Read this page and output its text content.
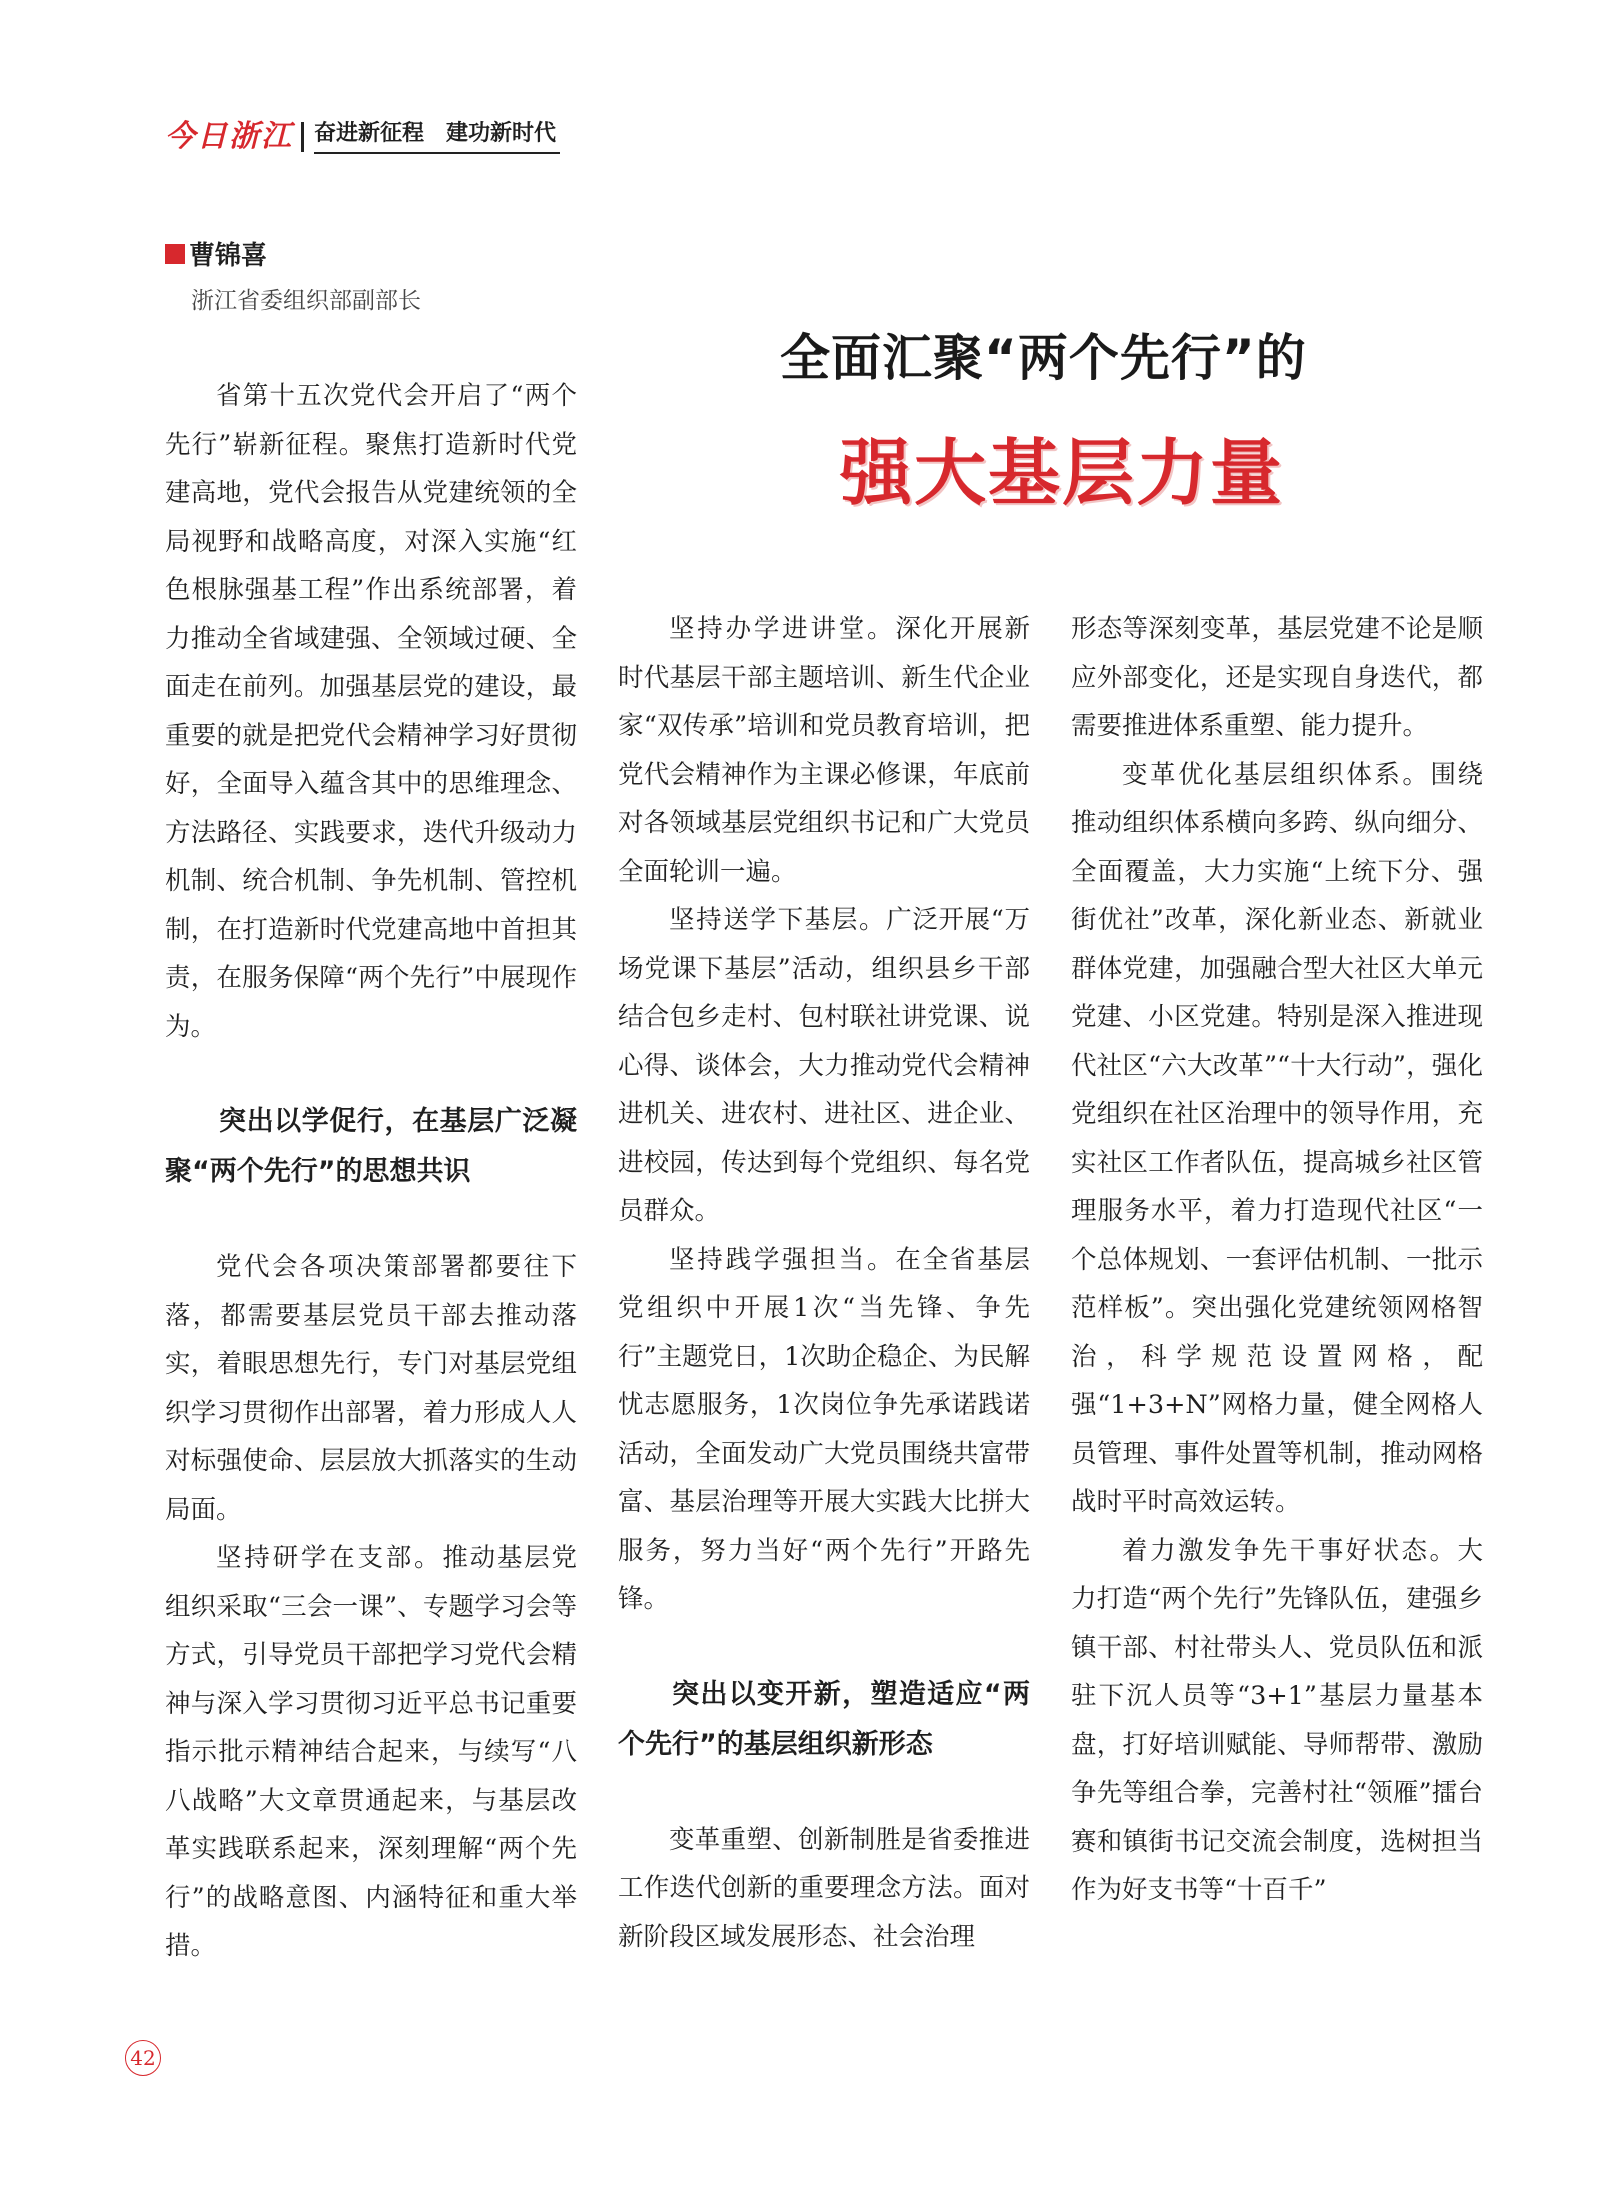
今日浙江 奋进新征程 建功新时代
曹锦喜
浙江省委组织部副部长
全面汇聚“两个先行”的
强大基层力量

省第十五次党代会开启了“两个先行”崭新征程。聚焦打造新时代党建高地，党代会报告从党建统领的全局视野和战略高度，对深入实施“红色根脉强基工程”作出系统部署，着力推动全省域建强、全领域过硬、全面走在前列。加强基层党的建设，最重要的就是把党代会精神学习好贯彻好，全面导入蕴含其中的思维理念、方法路径、实践要求，迭代升级动力机制、统合机制、争先机制、管控机制，在打造新时代党建高地中首担其责，在服务保障“两个先行”中展现作为。

突出以学促行，在基层广泛凝聚“两个先行”的思想共识

党代会各项决策部署都要往下落，都需要基层党员干部去推动落实，着眼思想先行，专门对基层党组织学习贯彻作出部署，着力形成人人对标强使命、层层放大抓落实的生动局面。

坚持研学在支部。推动基层党组织采取“三会一课”、专题学习会等方式，引导党员干部把学习党代会精神与深入学习贯彻习近平总书记重要指示批示精神结合起来，与续写“八八战略”大文章贯通起来，与基层改革实践联系起来，深刻理解“两个先行”的战略意图、内涵特征和重大举措。

坚持办学进讲堂。深化开展新时代基层干部主题培训、新生代企业家“双传承”培训和党员教育培训，把党代会精神作为主课必修课，年底前对各领域基层党组织书记和广大党员全面轮训一遍。

坚持送学下基层。广泛开展“万场党课下基层”活动，组织县乡干部结合包乡走村、包村联社讲党课、说心得、谈体会，大力推动党代会精神进机关、进农村、进社区、进企业、进校园，传达到每个党组织、每名党员群众。

坚持践学强担当。在全省基层党组织中开展1次“当先锋、争先行”主题党日，1次助企稳企、为民解忧志愿服务，1次岗位争先承诺践诺活动，全面发动广大党员围绕共富带富、基层治理等开展大实践大比拼大服务，努力当好“两个先行”开路先锋。

突出以变开新，塑造适应“两个先行”的基层组织新形态

变革重塑、创新制胜是省委推进工作迭代创新的重要理念方法。面对新阶段区域发展形态、社会治理

形态等深刻变革，基层党建不论是顺应外部变化，还是实现自身迭代，都需要推进体系重塑、能力提升。

变革优化基层组织体系。围绕推动组织体系横向多跨、纵向细分、全面覆盖，大力实施“上统下分、强街优社”改革，深化新业态、新就业群体党建，加强融合型大社区大单元党建、小区党建。特别是深入推进现代社区“六大改革”“十大行动”，强化党组织在社区治理中的领导作用，充实社区工作者队伍，提高城乡社区管理服务水平，着力打造现代社区“一个总体规划、一套评估机制、一批示范样板”。突出强化党建统领网格智治，科学规范设置网格，配强“1+3+N”网格力量，健全网格人员管理、事件处置等机制，推动网格战时平时高效运转。

着力激发争先干事好状态。大力打造“两个先行”先锋队伍，建强乡镇干部、村社带头人、党员队伍和派驻下沉人员等“3+1”基层力量基本盘，打好培训赋能、导师帮带、激励争先等组合拳，完善村社“领雁”擂台赛和镇街书记交流会制度，选树担当作为好支书等“十百千”

42
